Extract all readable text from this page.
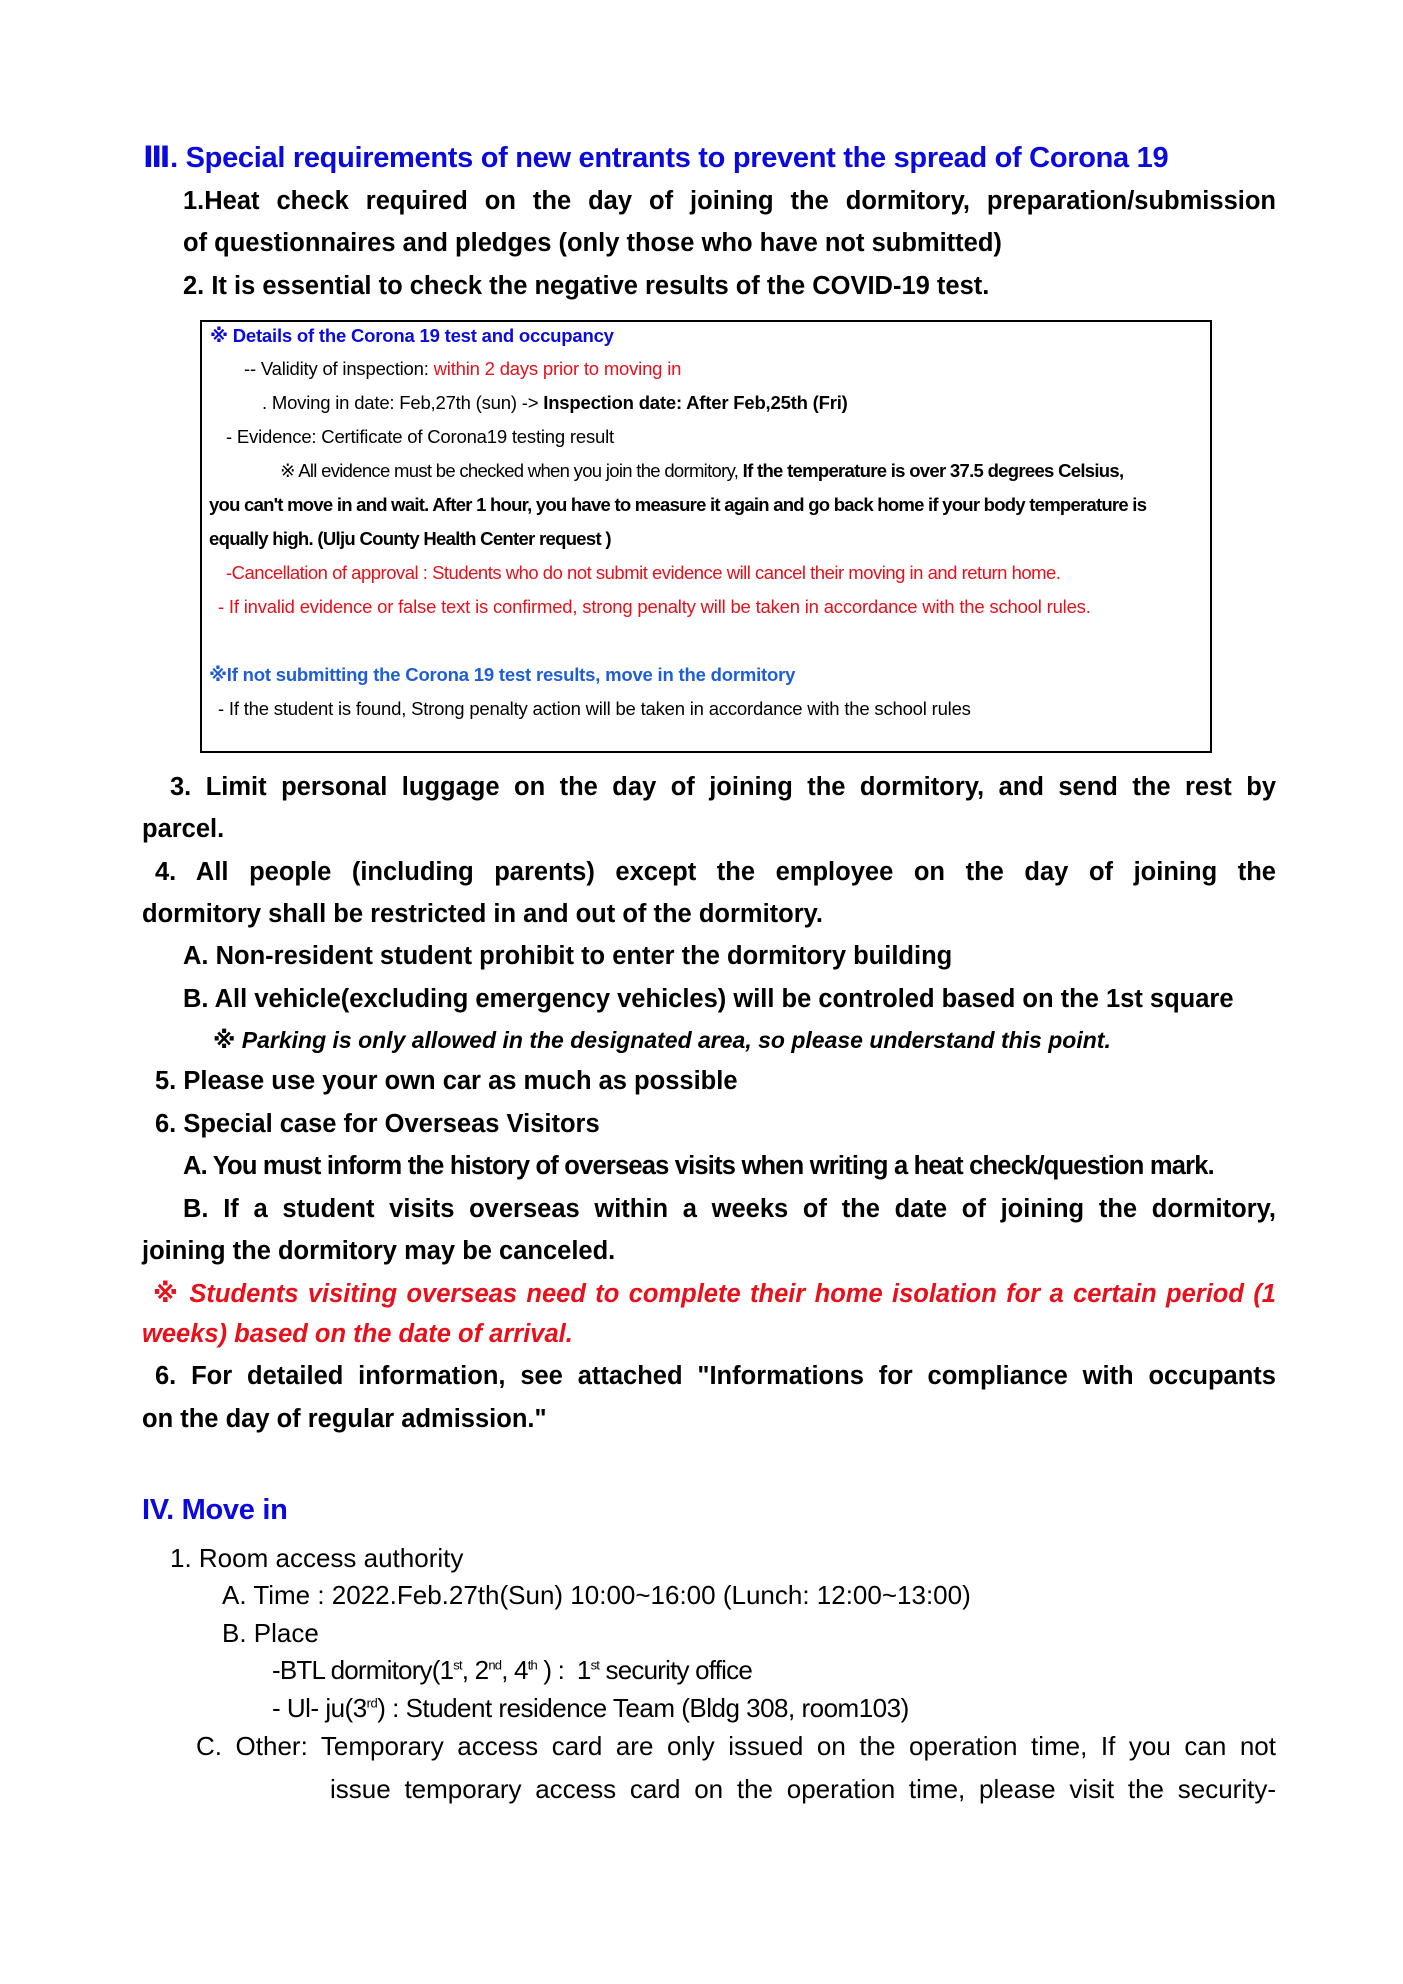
Ⅲ. Special requirements of new entrants to prevent the spread of Corona 19
1.Heat check required on the day of joining the dormitory, preparation/submission
of questionnaires and pledges (only those who have not submitted)
2. It is essential to check the negative results of the COVID-19 test.
※ Details of the Corona 19 test and occupancy
-- Validity of inspection: within 2 days prior to moving in
. Moving in date: Feb,27th (sun) -> Inspection date: After Feb,25th (Fri)
- Evidence: Certificate of Corona19 testing result
※ All evidence must be checked when you join the dormitory, If the temperature is over 37.5 degrees Celsius,
you can't move in and wait. After 1 hour, you have to measure it again and go back home if your body temperature is
equally high. (Ulju County Health Center request )
-Cancellation of approval : Students who do not submit evidence will cancel their moving in and return home.
- If invalid evidence or false text is confirmed, strong penalty will be taken in accordance with the school rules.
※If not submitting the Corona 19 test results, move in the dormitory
- If the student is found, Strong penalty action will be taken in accordance with the school rules
3. Limit personal luggage on the day of joining the dormitory, and send the rest by
parcel.
4. All people (including parents) except the employee on the day of joining the
dormitory shall be restricted in and out of the dormitory.
A. Non-resident student prohibit to enter the dormitory building
B. All vehicle(excluding emergency vehicles) will be controled based on the 1st square
※ Parking is only allowed in the designated area, so please understand this point.
5. Please use your own car as much as possible
6. Special case for Overseas Visitors
A. You must inform the history of overseas visits when writing a heat check/question mark.
B. If a student visits overseas within a weeks of the date of joining the dormitory,
joining the dormitory may be canceled.
※ Students visiting overseas need to complete their home isolation for a certain period (1
weeks) based on the date of arrival.
6. For detailed information, see attached "Informations for compliance with occupants
on the day of regular admission."
IV. Move in
1. Room access authority
A. Time : 2022.Feb.27th(Sun) 10:00~16:00 (Lunch: 12:00~13:00)
B. Place
-BTL dormitory(1st, 2nd, 4th ) :  1st security office
- Ul- ju(3rd) : Student residence Team (Bldg 308, room103)
C. Other: Temporary access card are only issued on the operation time, If you can not
issue temporary access card on the operation time, please visit the security-
